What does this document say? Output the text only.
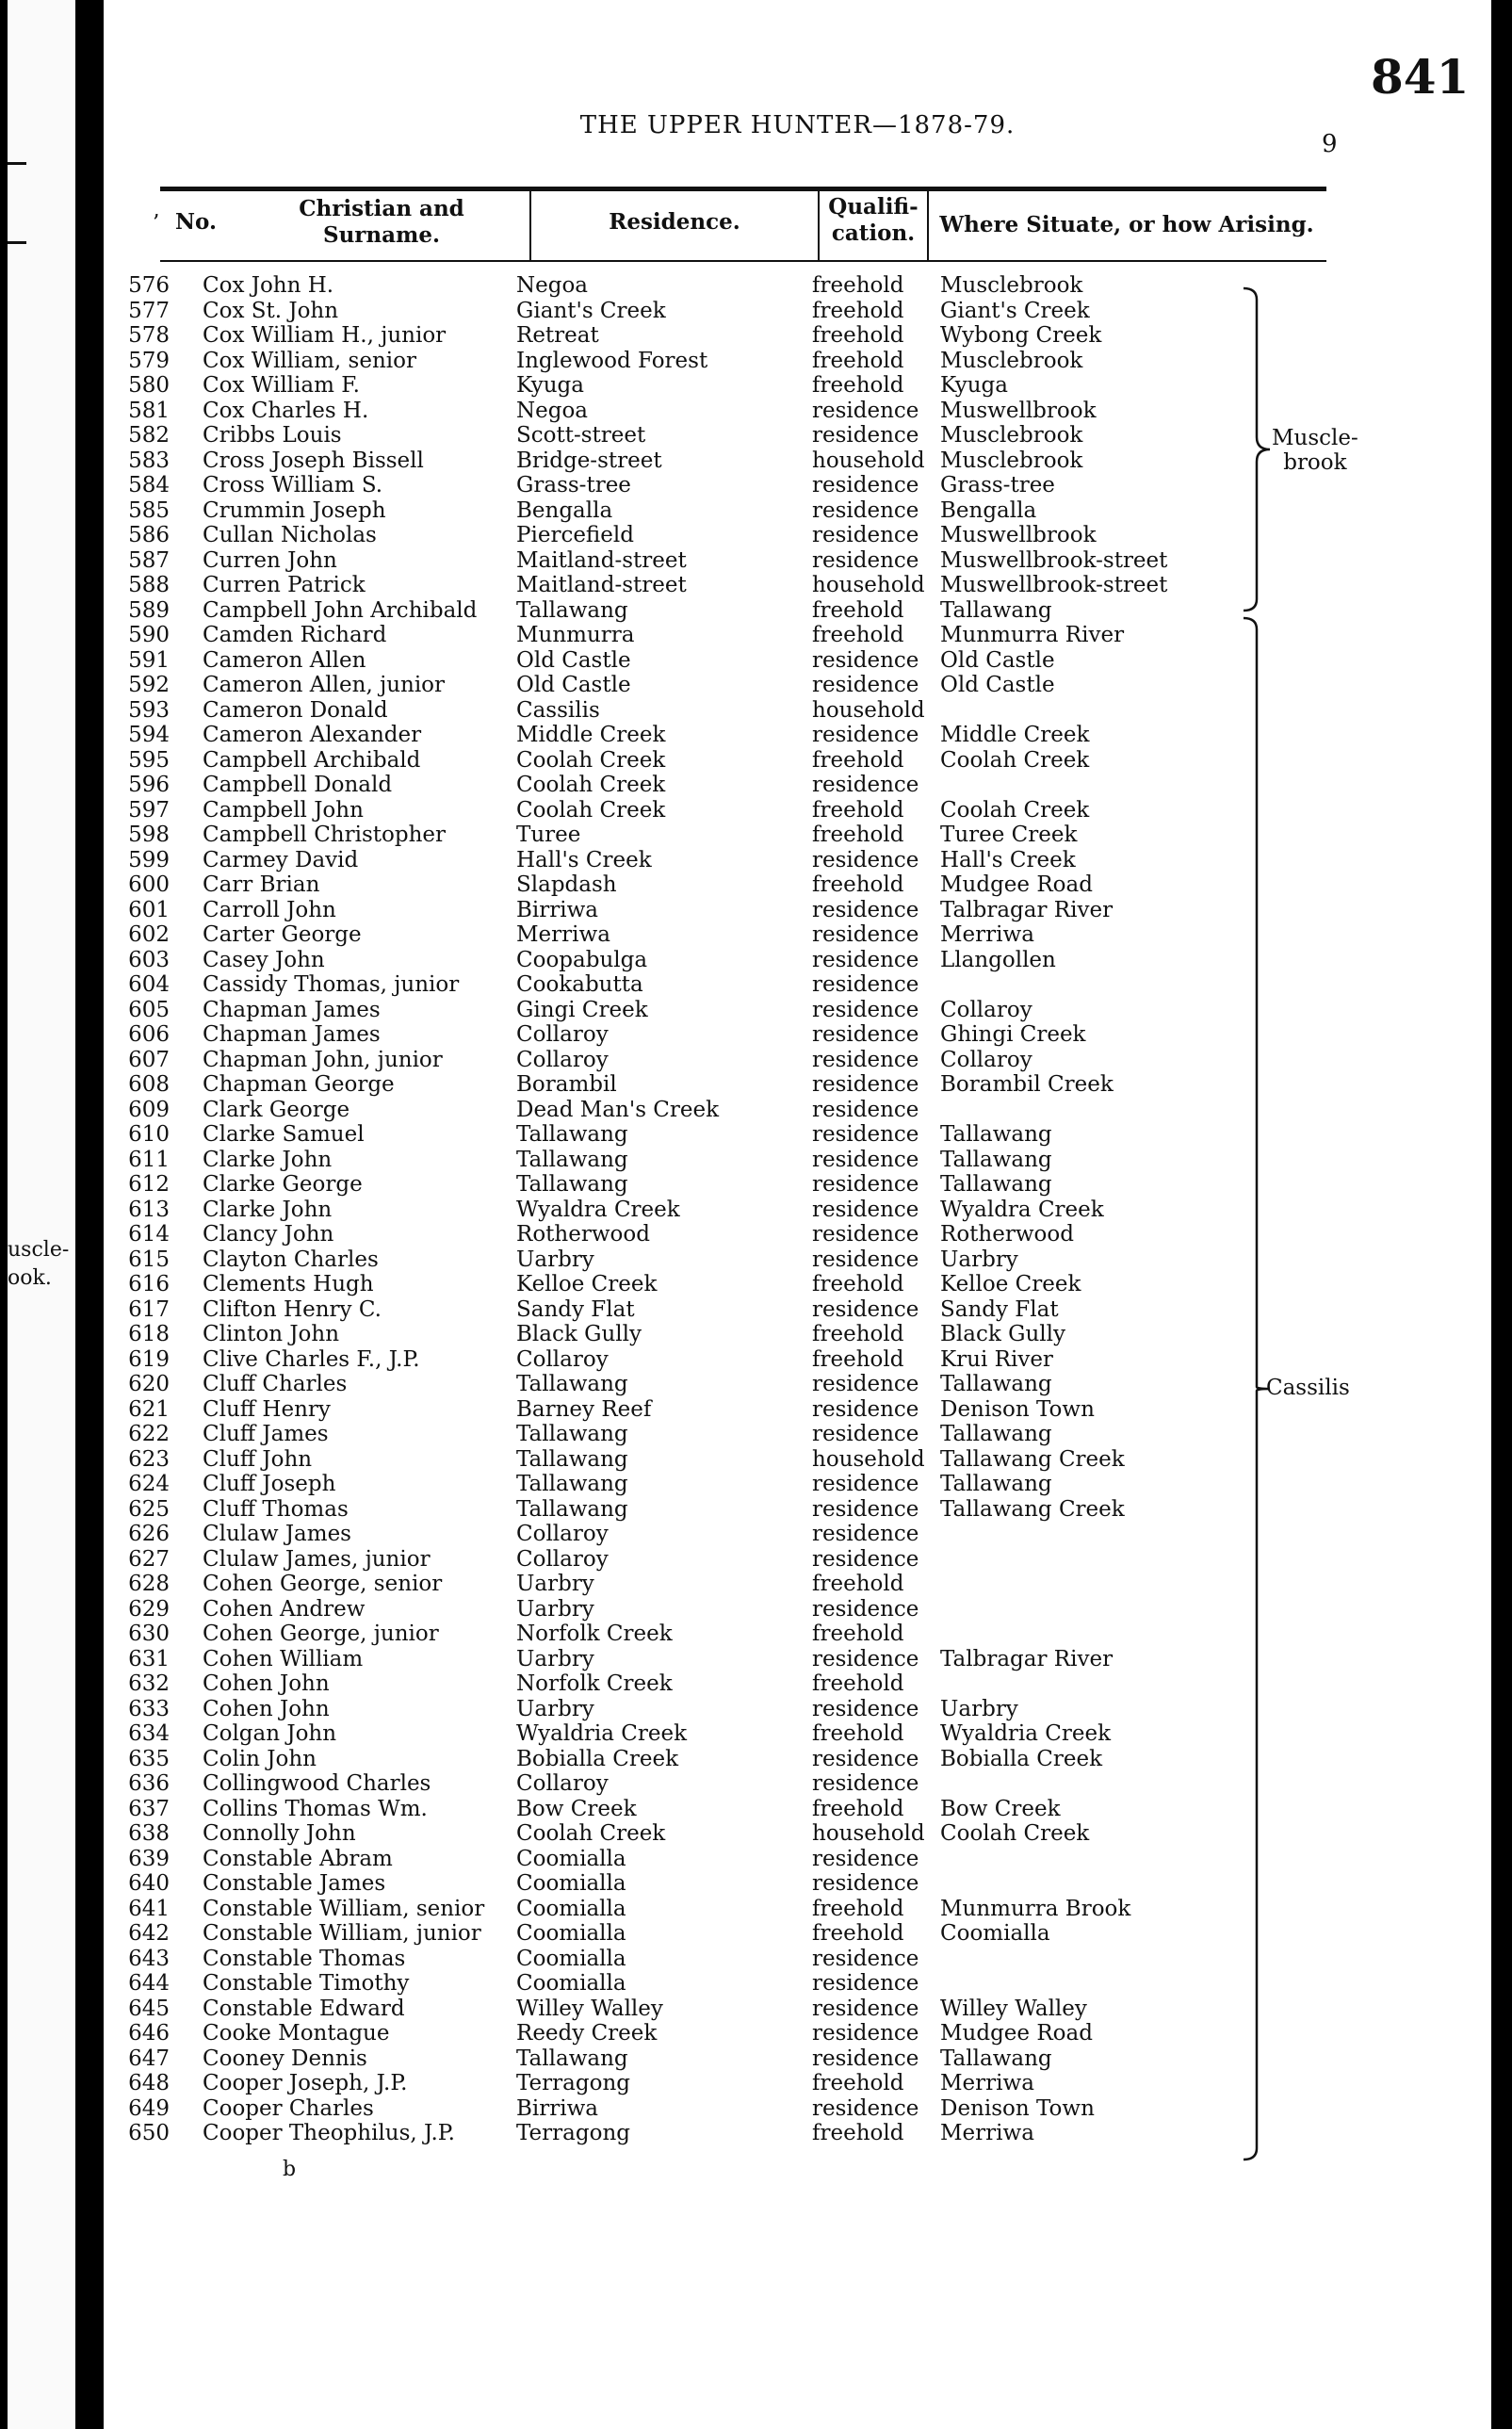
uscle-
ook.
841
THE UPPER HUNTER—1878-79.
9
’ No.
Christian and Surname.
Residence.
Qualifi-
cation.	Where Situate, or how Arising.
576 Cox John H.	Negoa	freehold Musclebrook
577 Cox St. John	Giant's Creek	freehold Giant's Creek
578 Cox William H., junior	Retreat	freehold Wybong Creek
579 Cox William, senior	Inglewood Forest	freehold Musclebrook
580 Cox William F.	Kyuga	freehold Kyuga
581 Cox Charles H.	Negoa	residence Muswellbrook
582 Cribbs Louis	Scott-street	residence Musclebrook
583 Cross Joseph Bissell	Bridge-street	household Musclebrook
584 Cross William S.	Grass-tree	residence Grass-tree
585 Crummin Joseph	Bengalla	residence Bengalla
586 Cullan Nicholas	Piercefield	residence Muswellbrook
587 Curren John	Maitland-street	residence Muswellbrook-street
588 Curren Patrick	Maitland-street	household Muswellbrook-street
589 Campbell John Archibald Tallawang	freehold Tallawang
590 Camden Richard	Munmurra	freehold Munmurra River
591 Cameron Allen	Old Castle	residence Old Castle
592 Cameron Allen, junior	Old Castle	residence Old Castle
593 Cameron Donald	Cassilis	household
594 Cameron Alexander	Middle Creek	residence Middle Creek
595 Campbell Archibald	Coolah Creek	freehold Coolah Creek
596 Campbell Donald	Coolah Creek	residence
597 Campbell John	Coolah Creek	freehold Coolah Creek
598 Campbell Christopher	Turee	freehold Turee Creek
599 Carmey David	Hall's Creek	residence Hall's Creek
600 Carr Brian	Slapdash	freehold Mudgee Road
601 Carroll John	Birriwa	residence Talbragar River
602 Carter George	Merriwa	residence Merriwa
603 Casey John	Coopabulga	residence Llangollen
604 Cassidy Thomas, junior	Cookabutta	residence
605 Chapman James	Gingi Creek	residence Collaroy
606 Chapman James	Collaroy	residence Ghingi Creek
607 Chapman John, junior	Collaroy	residence Collaroy
608 Chapman George	Borambil	residence Borambil Creek
609 Clark George	Dead Man's Creek	residence
610 Clarke Samuel	Tallawang	residence Tallawang
611 Clarke John	Tallawang	residence Tallawang
612 Clarke George	Tallawang	residence Tallawang
613 Clarke John	Wyaldra Creek	residence Wyaldra Creek
614 Clancy John	Rotherwood	residence Rotherwood
615 Clayton Charles	Uarbry	residence Uarbry
616 Clements Hugh	Kelloe Creek	freehold Kelloe Creek
617 Clifton Henry C.	Sandy Flat	residence Sandy Flat
618 Clinton John	Black Gully	freehold Black Gully
619 Clive Charles F., J.P.	Collaroy	freehold Krui River
620 Cluff Charles	Tallawang	residence Tallawang
621 Cluff Henry	Barney Reef	residence Denison Town
622 Cluff James	Tallawang	residence Tallawang
623 Cluff John	Tallawang	household Tallawang Creek
624 Cluff Joseph	Tallawang	residence Tallawang
625 Cluff Thomas	Tallawang	residence Tallawang Creek
626 Clulaw James	Collaroy	residence
627 Clulaw James, junior	Collaroy	residence
628 Cohen George, senior	Uarbry	freehold
629 Cohen Andrew	Uarbry	residence
630 Cohen George, junior	Norfolk Creek	freehold
631 Cohen William	Uarbry	residence Talbragar River
632 Cohen John	Norfolk Creek	freehold
633 Cohen John	Uarbry	residence Uarbry
634 Colgan John	Wyaldria Creek	freehold Wyaldria Creek
635 Colin John	Bobialla Creek	residence Bobialla Creek
636 Collingwood Charles	Collaroy	residence
637 Collins Thomas Wm.	Bow Creek	freehold Bow Creek
638 Connolly John	Coolah Creek	household Coolah Creek
639 Constable Abram	Coomialla	residence
640 Constable James	Coomialla	residence
641 Constable William, senior Coomialla	freehold Munmurra Brook
642 Constable William, junior Coomialla	freehold Coomialla
643 Constable Thomas	Coomialla	residence
644 Constable Timothy	Coomialla	residence
645 Constable Edward	Willey Walley	residence Willey Walley
646 Cooke Montague	Reedy Creek	residence Mudgee Road
647 Cooney Dennis	Tallawang	residence Tallawang
648 Cooper Joseph, J.P.	Terragong	freehold Merriwa
649 Cooper Charles	Birriwa	residence Denison Town
650 Cooper Theophilus, J.P.	Terragong	freehold Merriwa
Muscle-
brook
Cassilis
b
